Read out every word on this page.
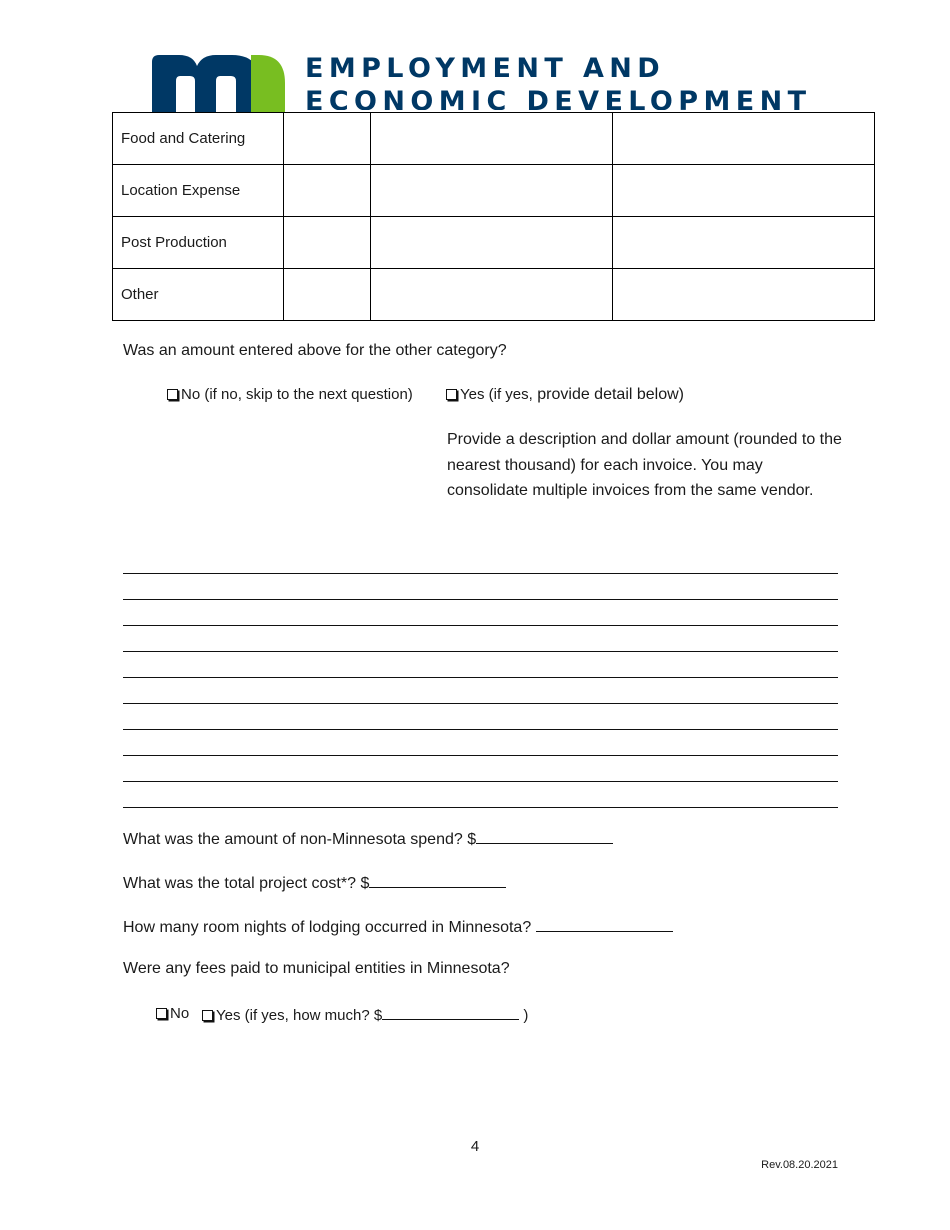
EMPLOYMENT AND
ECONOMIC DEVELOPMENT
Food and Catering			
Location Expense			
Post Production			
Other			
Was an amount entered above for the other category?
No (if no, skip to the next question)	Yes (if yes, provide detail below)
Provide a description and dollar amount (rounded to the nearest thousand) for each invoice. You may consolidate multiple invoices from the same vendor.
What was the amount of non-Minnesota spend? $
What was the total project cost*? $
How many room nights of lodging occurred in Minnesota?
Were any fees paid to municipal entities in Minnesota?
No	Yes (if yes, how much? $	)
4
Rev.08.20.2021
